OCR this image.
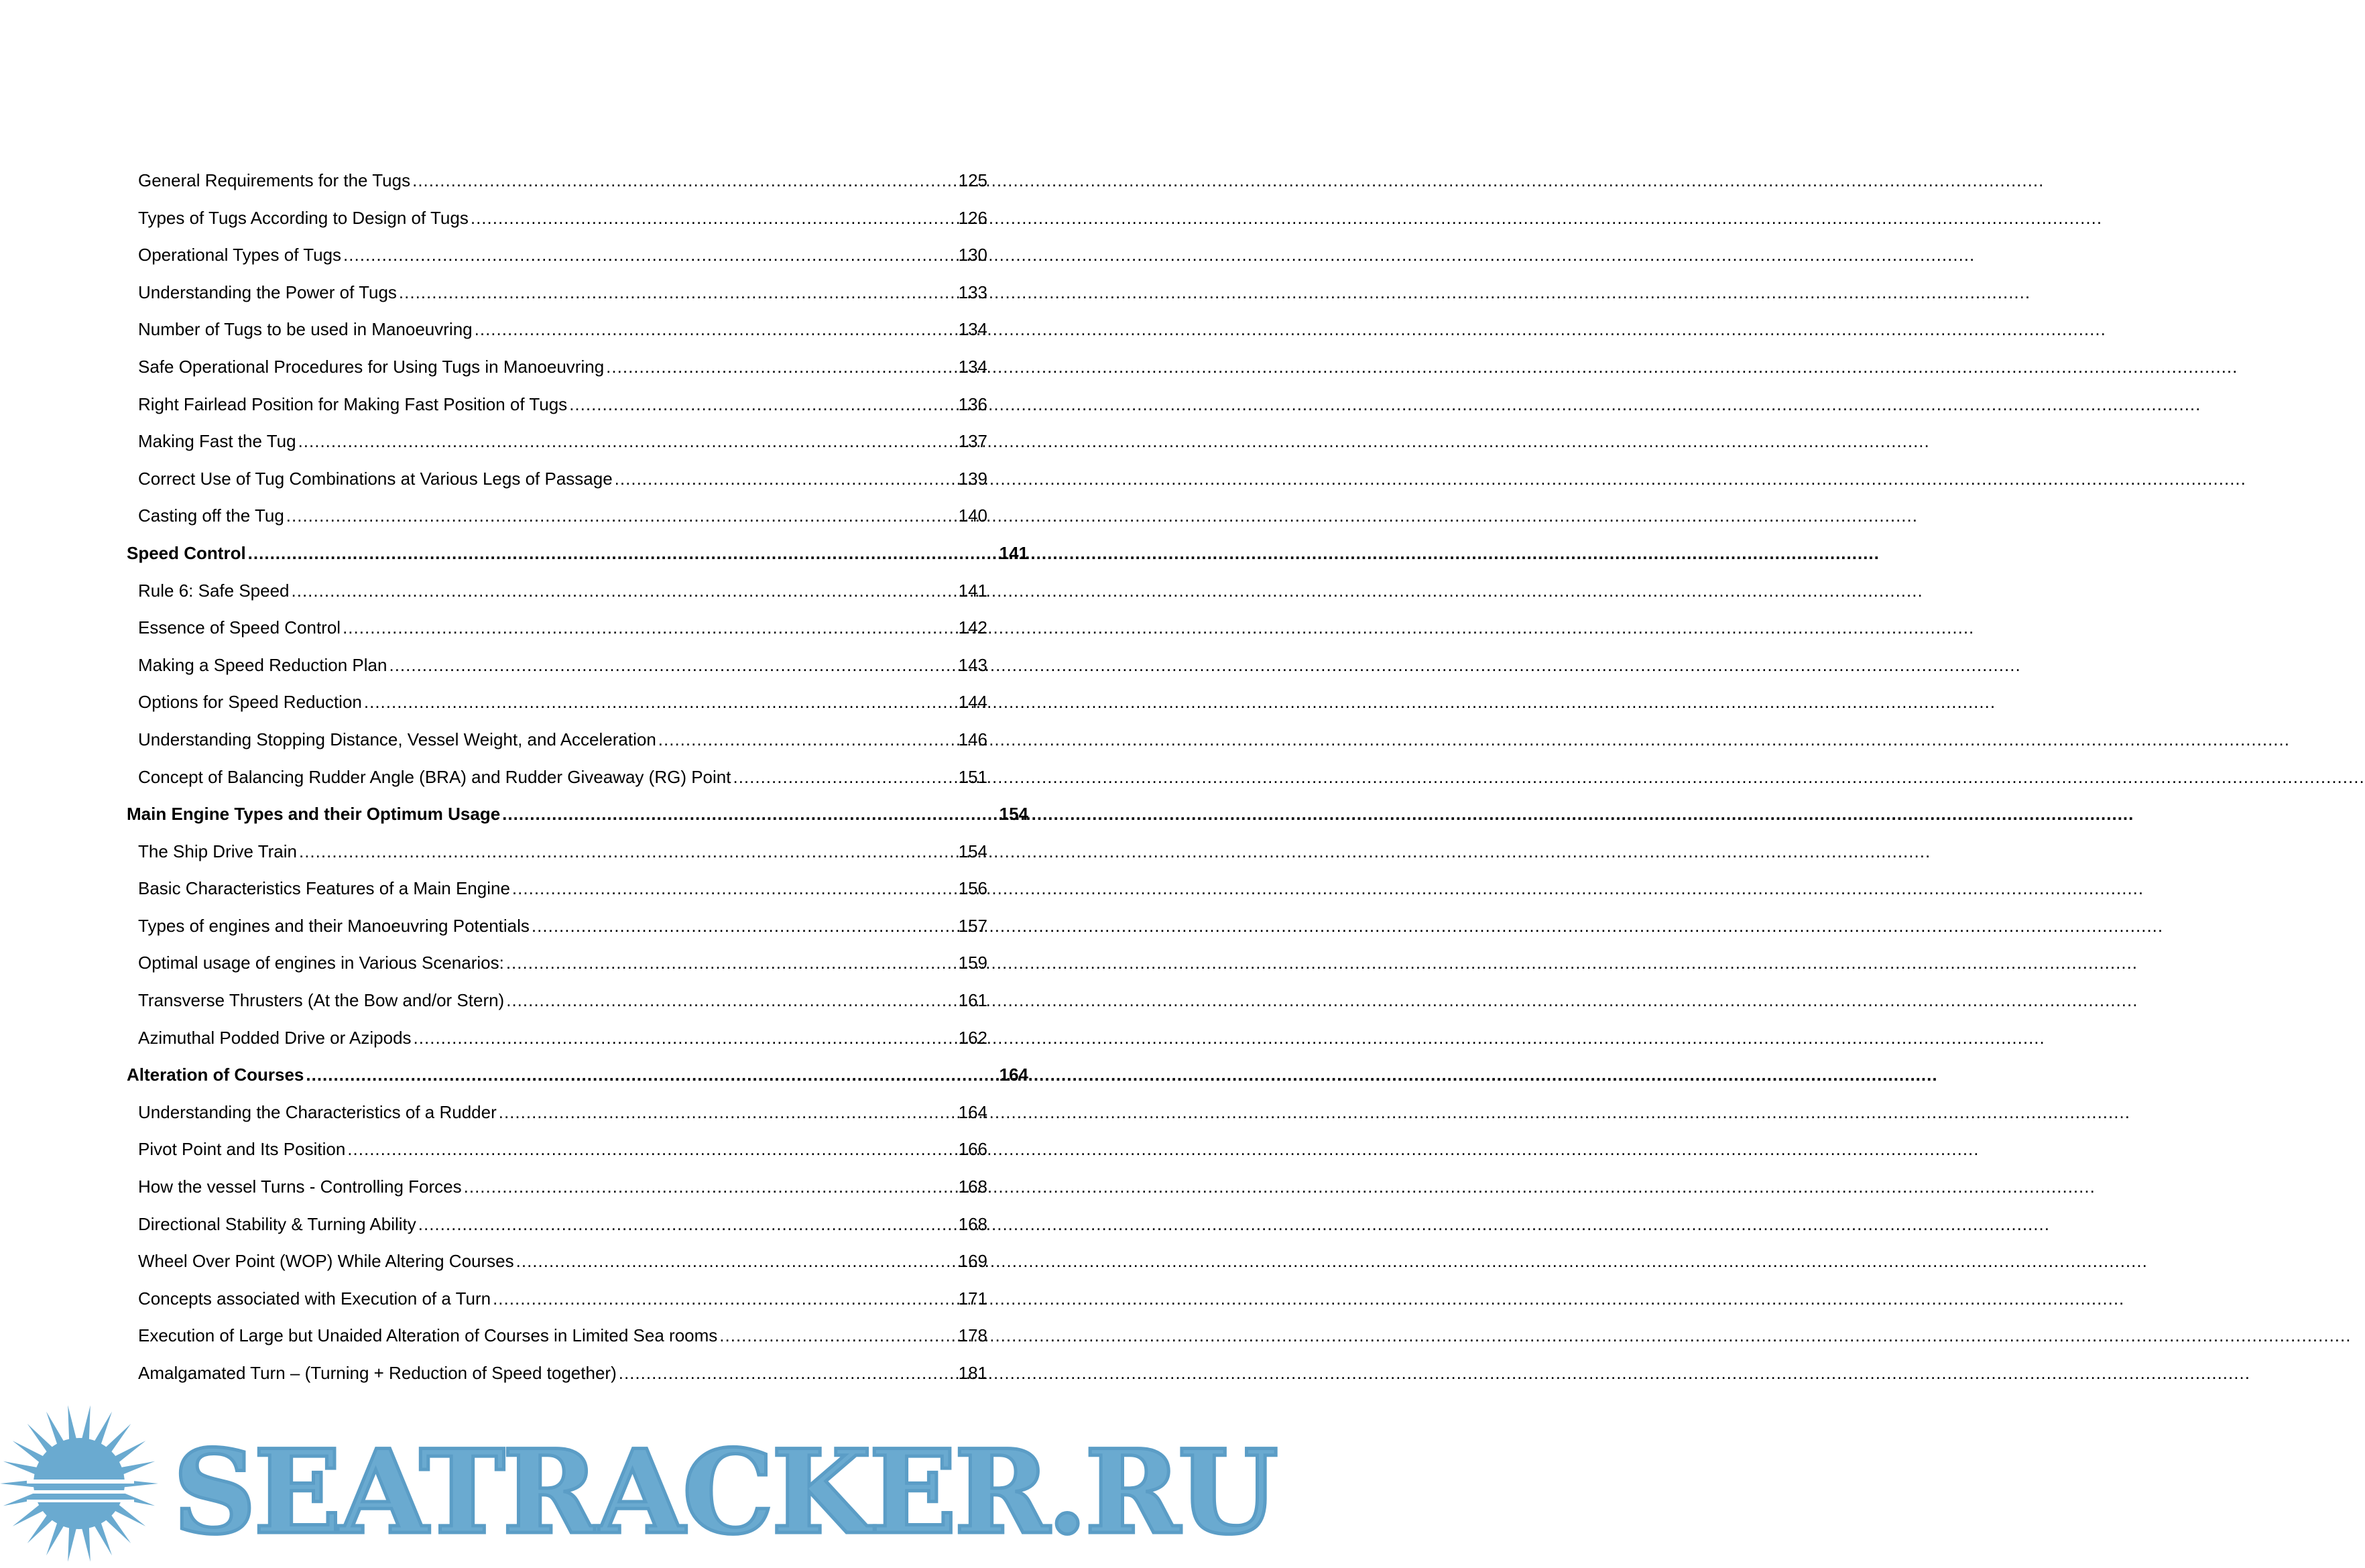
General Requirements for the Tugs .....	125
Types of Tugs According to Design of Tugs .....	126
Operational Types of Tugs .....	130
Understanding the Power of Tugs .....	133
Number of Tugs to be used in Manoeuvring .....	134
Safe Operational Procedures for Using Tugs in Manoeuvring .....	134
Right Fairlead Position for Making Fast Position of Tugs .....	136
Making Fast the Tug .....	137
Correct Use of Tug Combinations at Various Legs of Passage .....	139
Casting off the Tug .....	140
Speed Control .....	141
Rule 6: Safe Speed .....	141
Essence of Speed Control .....	142
Making a Speed Reduction Plan .....	143
Options for Speed Reduction .....	144
Understanding Stopping Distance, Vessel Weight, and Acceleration .....	146
Concept of Balancing Rudder Angle (BRA) and Rudder Giveaway (RG) Point .....	151
Main Engine Types and their Optimum Usage .....	154
The Ship Drive Train .....	154
Basic Characteristics Features of a Main Engine .....	156
Types of engines and their Manoeuvring Potentials .....	157
Optimal usage of engines in Various Scenarios: .....	159
Transverse Thrusters (At the Bow and/or Stern) .....	161
Azimuthal Podded Drive or Azipods .....	162
Alteration of Courses .....	164
Understanding the Characteristics of a Rudder .....	164
Pivot Point and Its Position .....	166
How the vessel Turns - Controlling Forces .....	168
Directional Stability & Turning Ability .....	168
Wheel Over Point (WOP) While Altering Courses .....	169
Concepts associated with Execution of a Turn .....	171
Execution of Large but Unaided Alteration of Courses in Limited Sea rooms .....	178
Amalgamated Turn – (Turning + Reduction of Speed together) .....	181
SEATRACKER.RU
